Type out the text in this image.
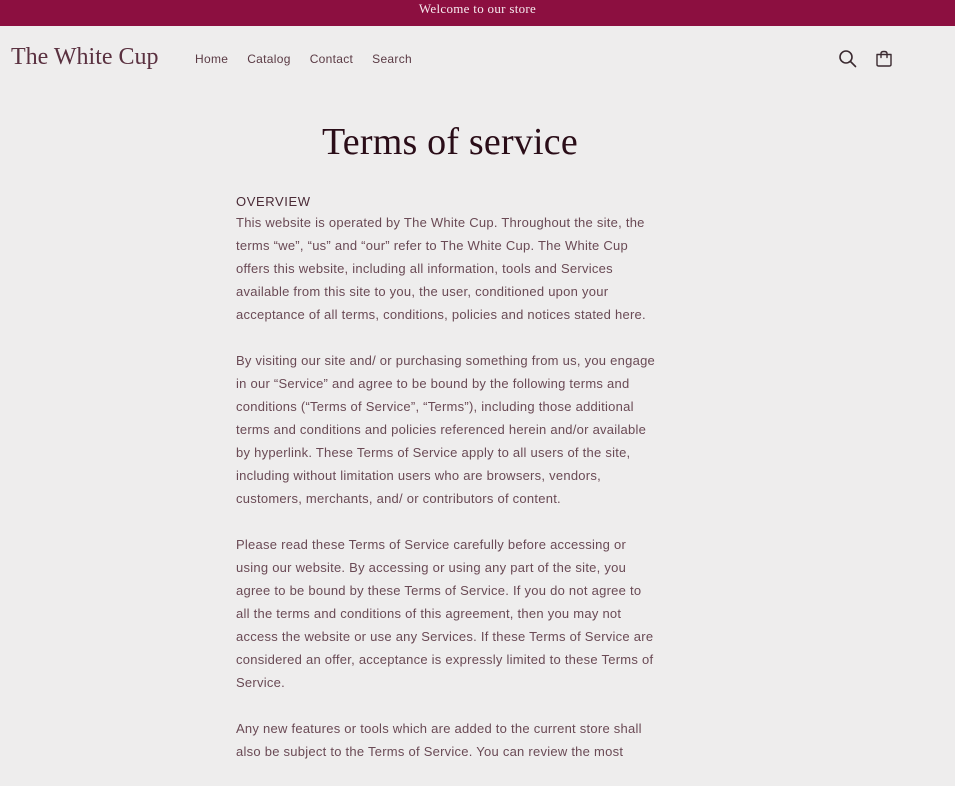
Welcome to our store
The White Cup	Home Catalog Contact Search
Terms of service
OVERVIEW

This website is operated by The White Cup. Throughout the site, the
terms “we”, “us” and “our” refer to The White Cup. The White Cup
offers this website, including all information, tools and Services
available from this site to you, the user, conditioned upon your
acceptance of all terms, conditions, policies and notices stated here.

By visiting our site and/ or purchasing something from us, you engage
in our “Service” and agree to be bound by the following terms and
conditions (“Terms of Service”, “Terms”), including those additional
terms and conditions and policies referenced herein and/or available
by hyperlink. These Terms of Service apply to all users of the site,
including without limitation users who are browsers, vendors,
customers, merchants, and/ or contributors of content.

Please read these Terms of Service carefully before accessing or
using our website. By accessing or using any part of the site, you
agree to be bound by these Terms of Service. If you do not agree to
all the terms and conditions of this agreement, then you may not
access the website or use any Services. If these Terms of Service are
considered an offer, acceptance is expressly limited to these Terms of
Service.

Any new features or tools which are added to the current store shall
also be subject to the Terms of Service. You can review the most
